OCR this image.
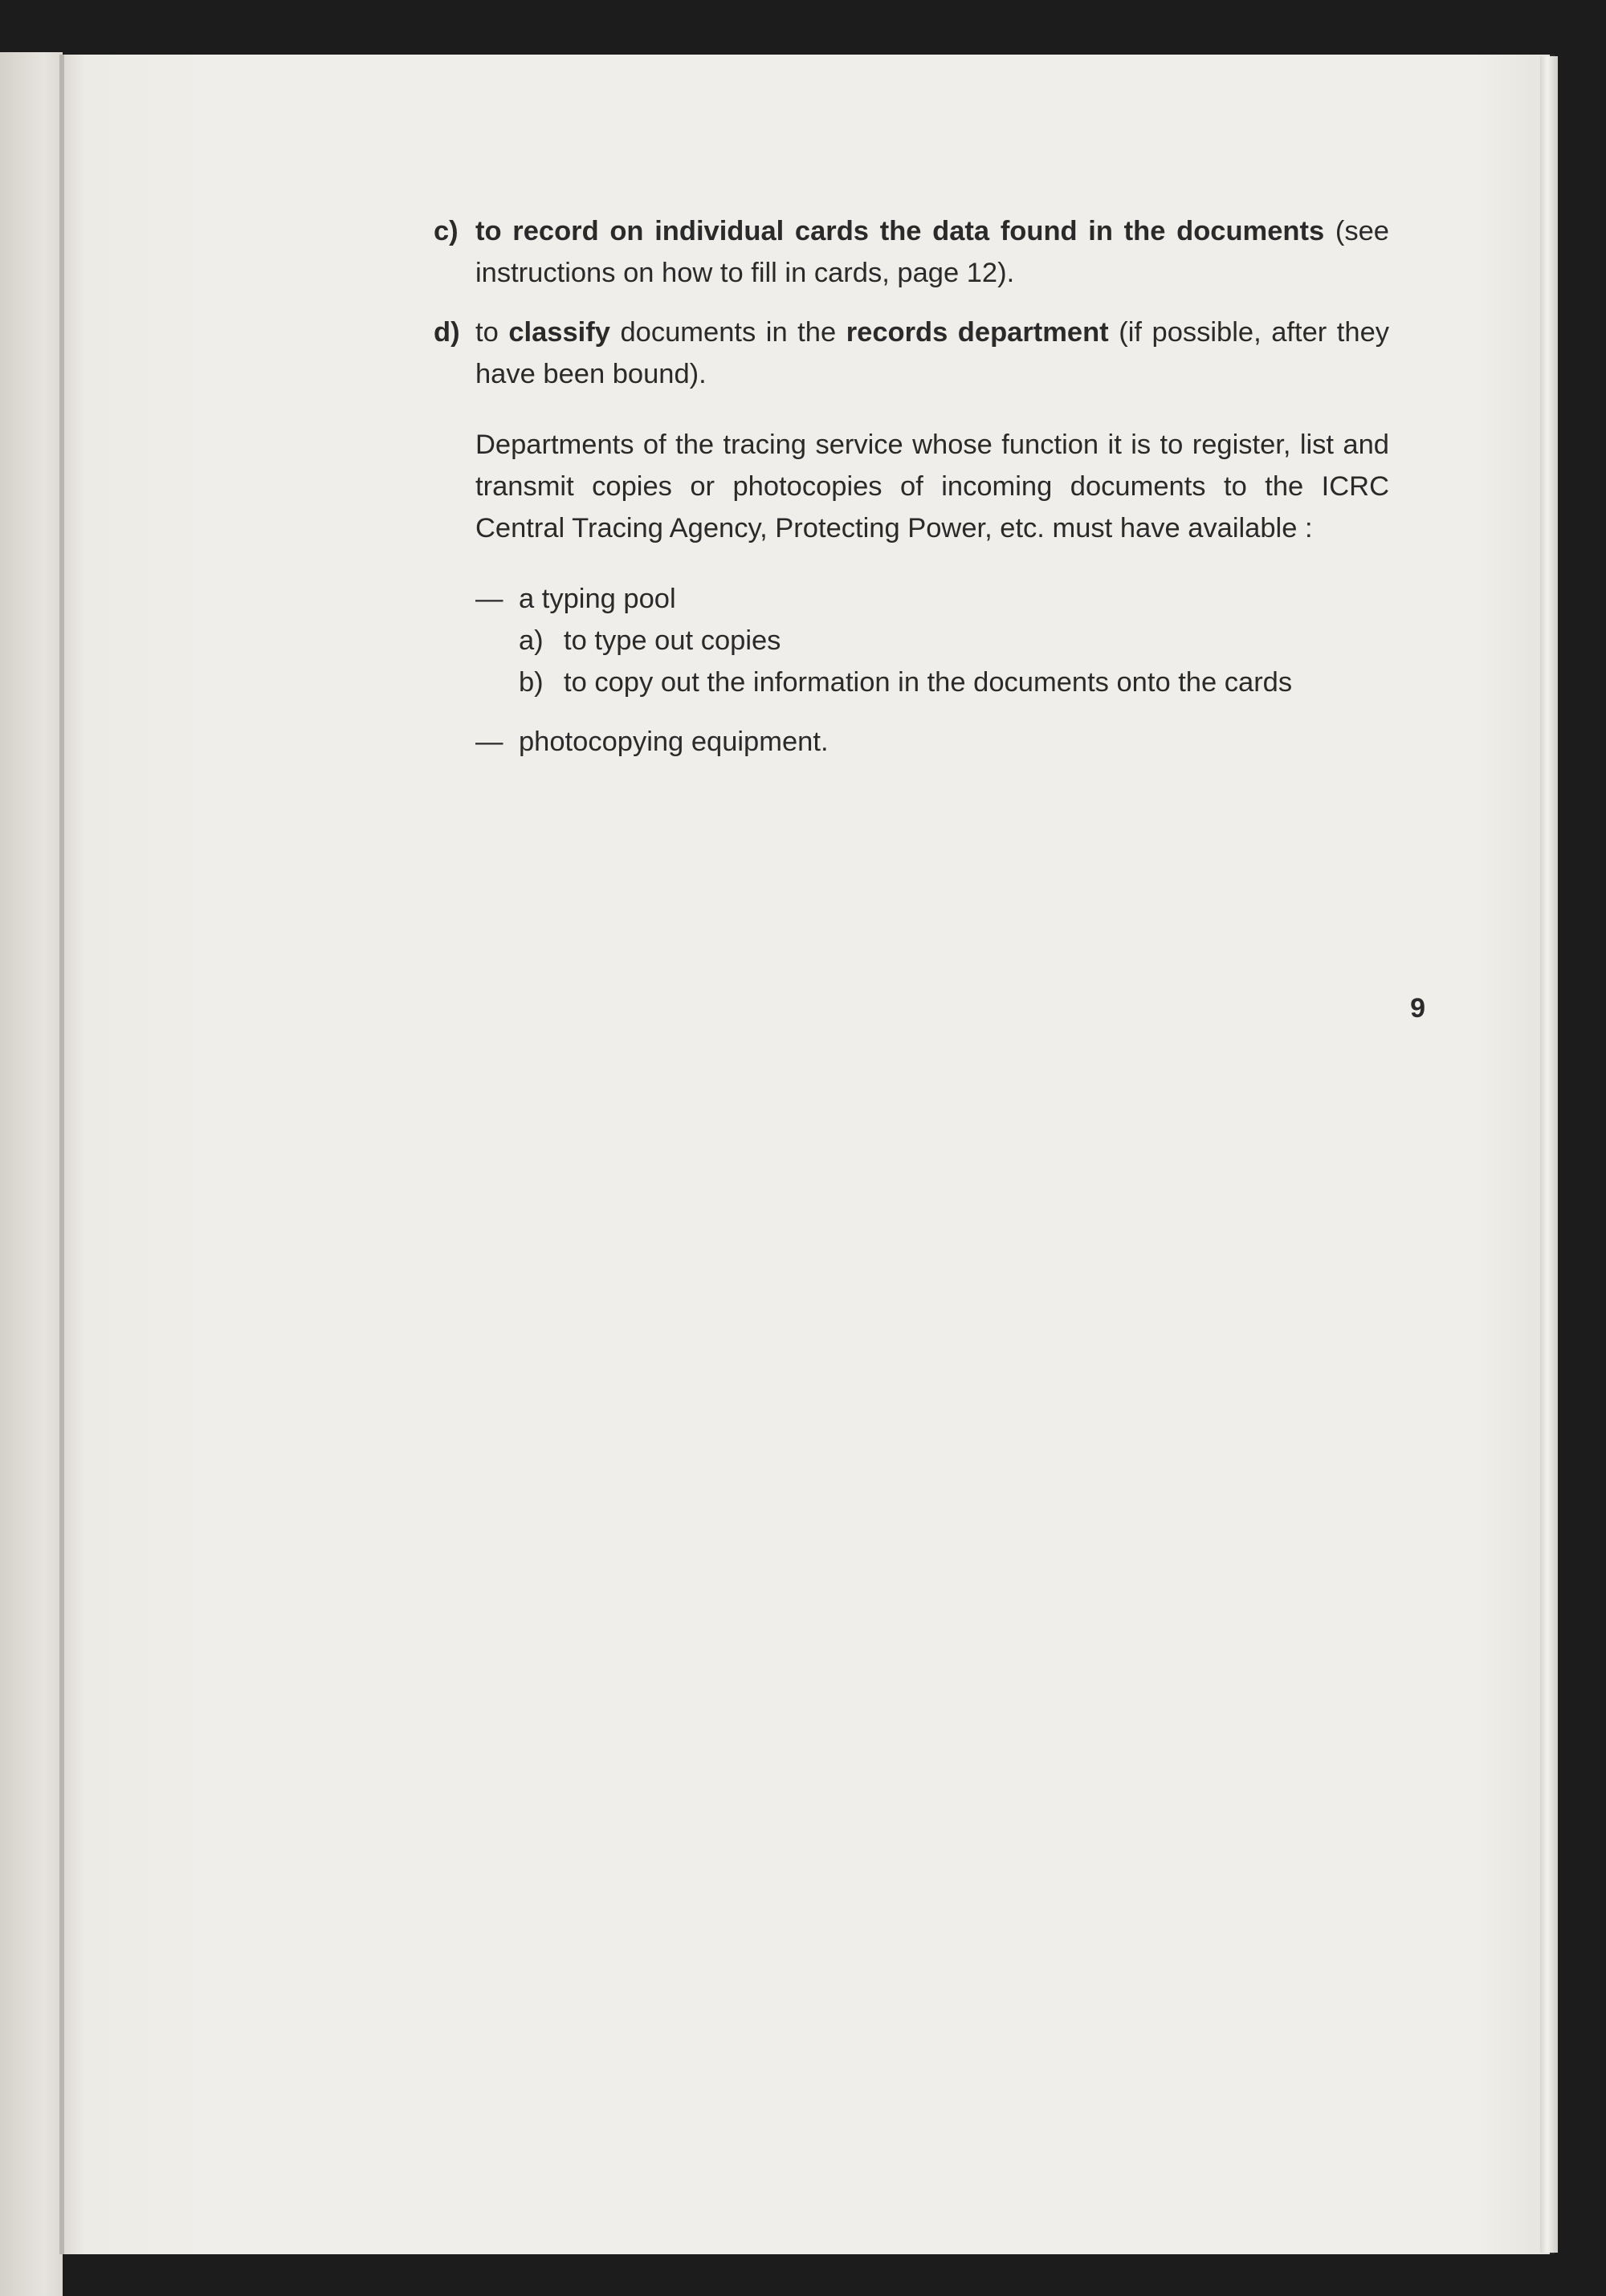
c) to record on individual cards the data found in the documents (see instructions on how to fill in cards, page 12).
d) to classify documents in the records department (if possible, after they have been bound).

Departments of the tracing service whose function it is to register, list and transmit copies or photocopies of incoming documents to the ICRC Central Tracing Agency, Protecting Power, etc. must have available :

— a typing pool
a) to type out copies
b) to copy out the information in the documents onto the cards
— photocopying equipment.
9
